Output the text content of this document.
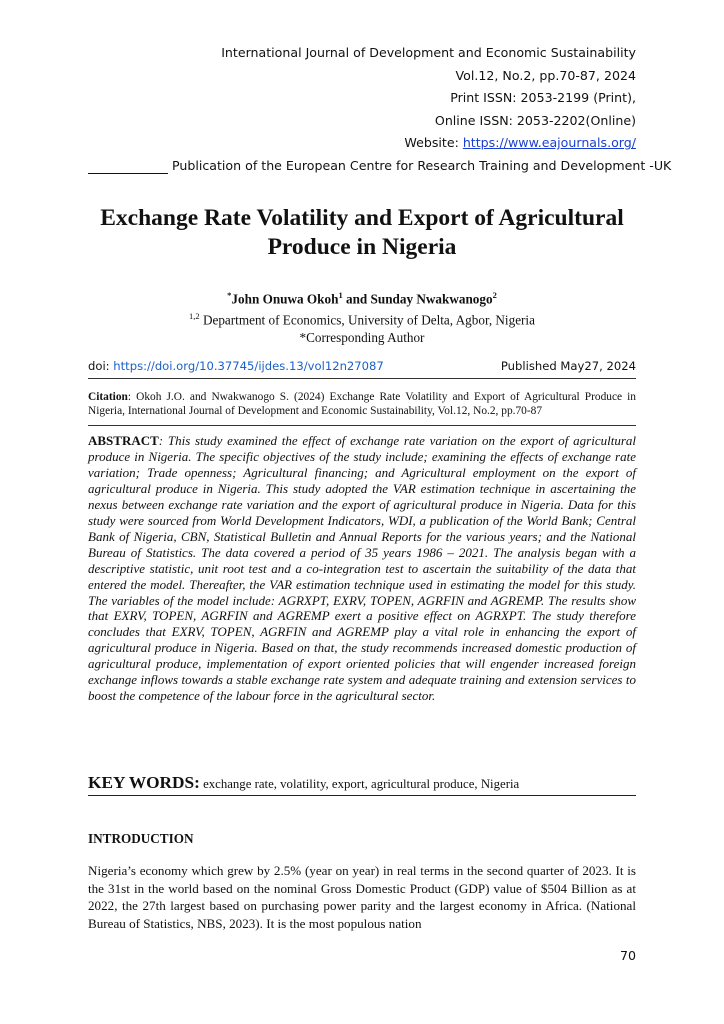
International Journal of Development and Economic Sustainability
Vol.12, No.2, pp.70-87, 2024
Print ISSN: 2053-2199 (Print),
Online ISSN: 2053-2202(Online)
Website: https://www.eajournals.org/
Publication of the European Centre for Research Training and Development -UK
Exchange Rate Volatility and Export of Agricultural
Produce in Nigeria
*John Onuwa Okoh$^1$ and Sunday Nwakwanogo$^2$
$^{1,2}$ Department of Economics, University of Delta, Agbor, Nigeria
*Corresponding Author
doi: https://doi.org/10.37745/ijdes.13/vol12n27087	Published May27, 2024
Citation: Okoh J.O. and Nwakwanogo S. (2024) Exchange Rate Volatility and Export of Agricultural Produce in Nigeria, International Journal of Development and Economic Sustainability, Vol.12, No.2, pp.70-87
ABSTRACT: This study examined the effect of exchange rate variation on the export of agricultural produce in Nigeria. The specific objectives of the study include; examining the effects of exchange rate variation; Trade openness; Agricultural financing; and Agricultural employment on the export of agricultural produce in Nigeria. This study adopted the VAR estimation technique in ascertaining the nexus between exchange rate variation and the export of agricultural produce in Nigeria. Data for this study were sourced from World Development Indicators, WDI, a publication of the World Bank; Central Bank of Nigeria, CBN, Statistical Bulletin and Annual Reports for the various years; and the National Bureau of Statistics. The data covered a period of 35 years 1986 – 2021. The analysis began with a descriptive statistic, unit root test and a co-integration test to ascertain the suitability of the data that entered the model. Thereafter, the VAR estimation technique used in estimating the model for this study. The variables of the model include: AGRXPT, EXRV, TOPEN, AGRFIN and AGREMP. The results show that EXRV, TOPEN, AGRFIN and AGREMP exert a positive effect on AGRXPT. The study therefore concludes that EXRV, TOPEN, AGRFIN and AGREMP play a vital role in enhancing the export of agricultural produce in Nigeria. Based on that, the study recommends increased domestic production of agricultural produce, implementation of export oriented policies that will engender increased foreign exchange inflows towards a stable exchange rate system and adequate training and extension services to boost the competence of the labour force in the agricultural sector.
KEY WORDS: exchange rate, volatility, export, agricultural produce, Nigeria
INTRODUCTION
Nigeria’s economy which grew by 2.5% (year on year) in real terms in the second quarter of 2023. It is the 31st in the world based on the nominal Gross Domestic Product (GDP) value of $504 Billion as at 2022, the 27th largest based on purchasing power parity and the largest economy in Africa. (National Bureau of Statistics, NBS, 2023). It is the most populous nation
70
